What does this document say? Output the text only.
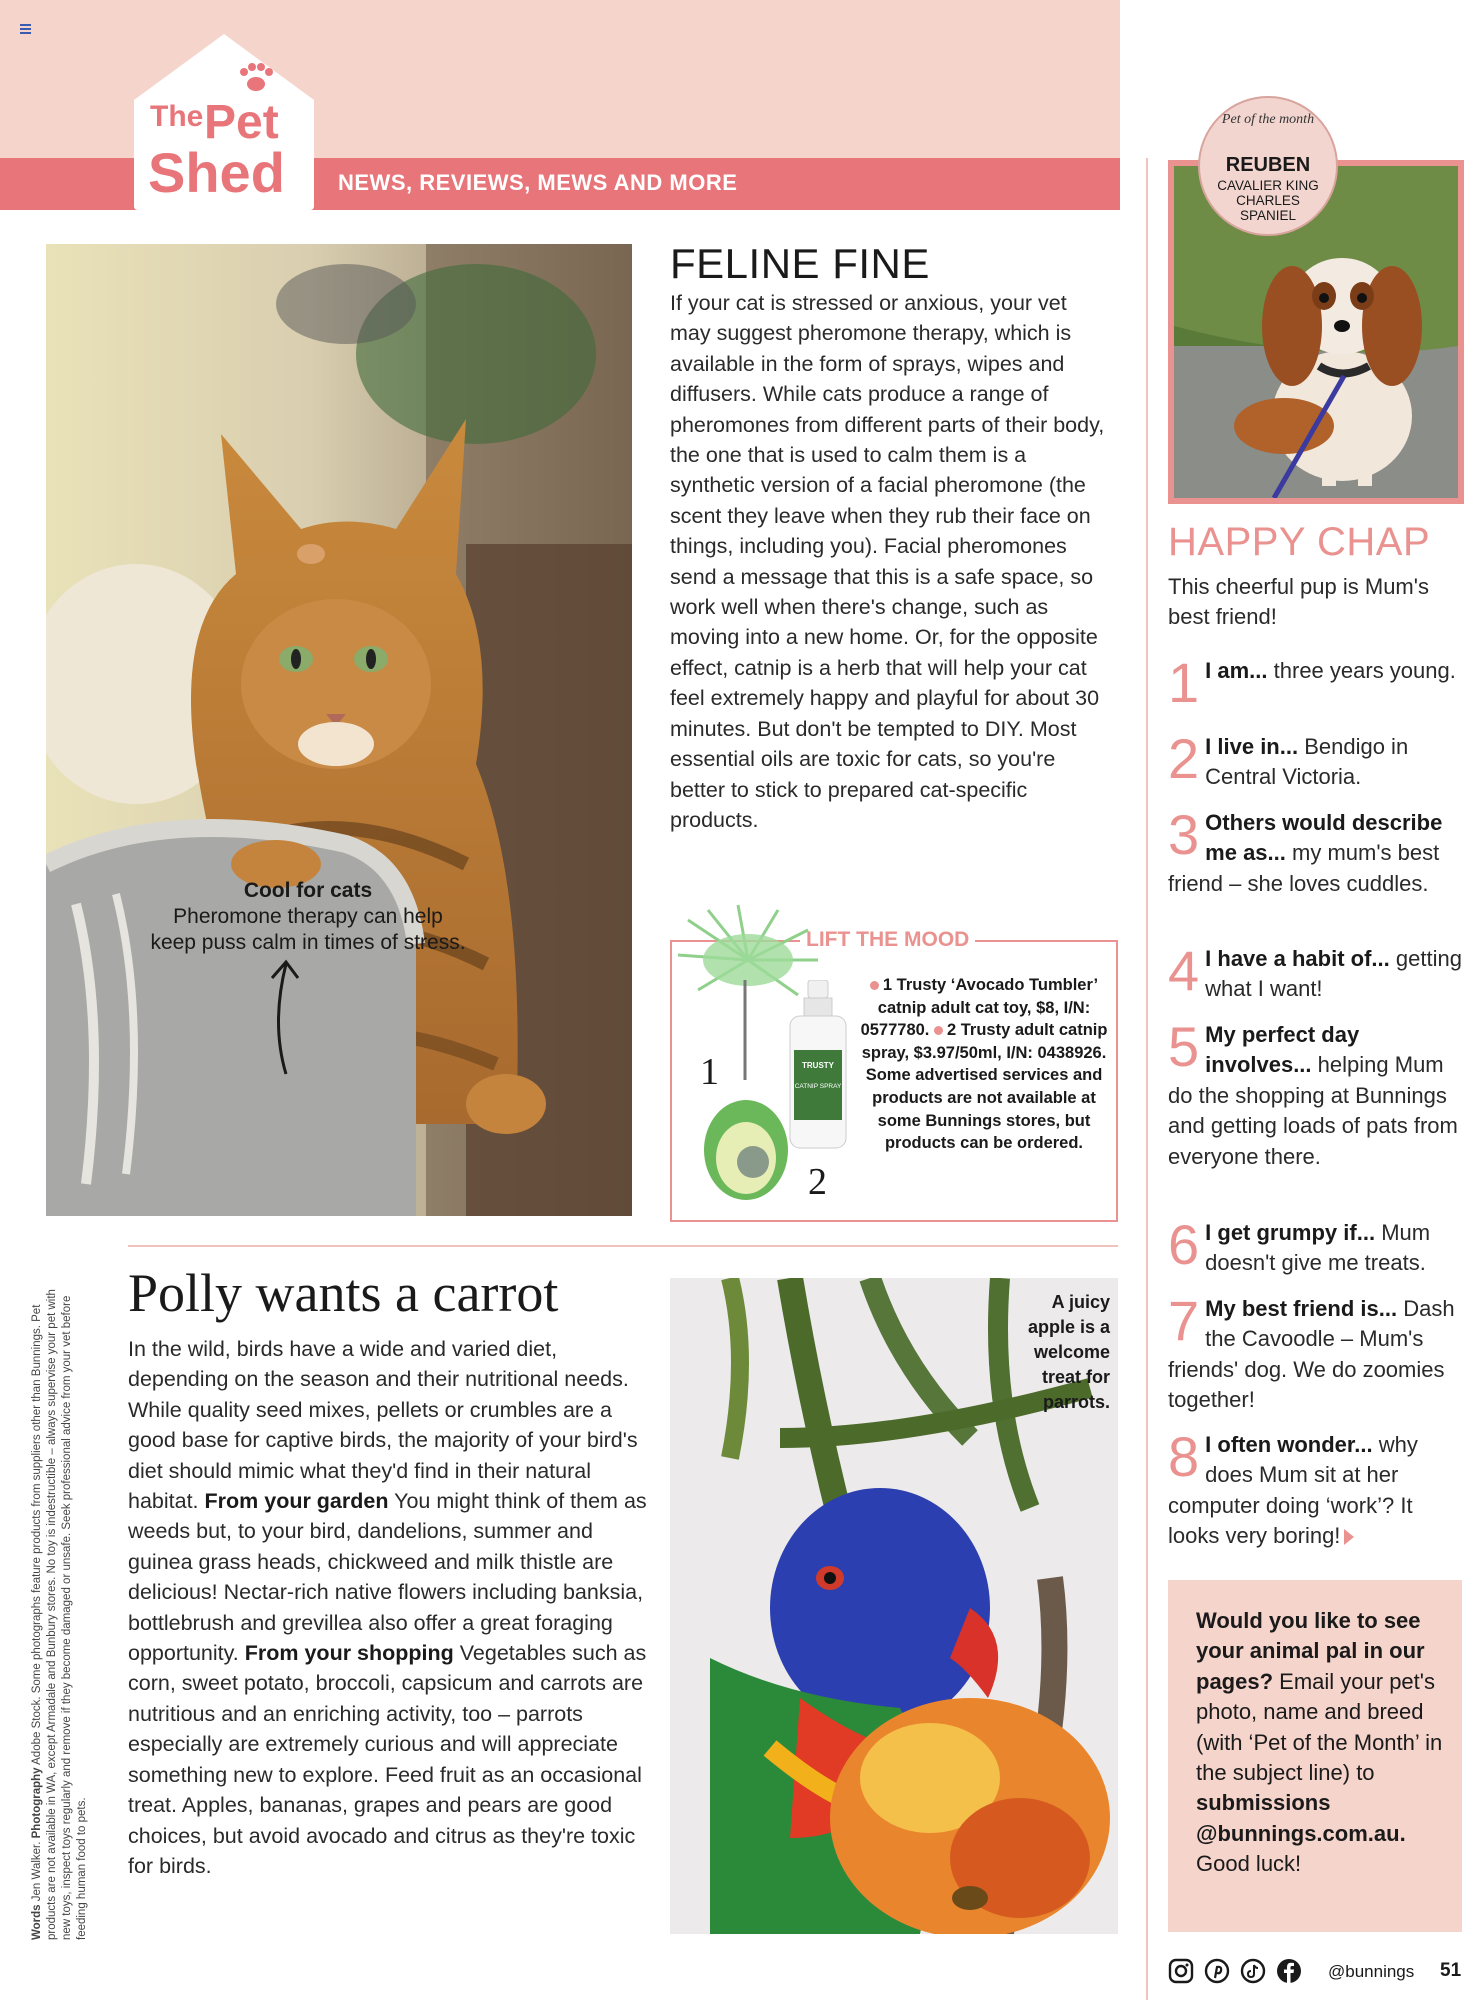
NEWS, REVIEWS, MEWS AND MORE
The Pet
Shed
Cool for cats
Pheromone therapy can help keep puss calm in times of stress.
FELINE FINE
If your cat is stressed or anxious, your vet may suggest pheromone therapy, which is available in the form of sprays, wipes and diffusers. While cats produce a range of pheromones from different parts of their body, the one that is used to calm them is a synthetic version of a facial pheromone (the scent they leave when they rub their face on things, including you). Facial pheromones send a message that this is a safe space, so work well when there's change, such as moving into a new home. Or, for the opposite effect, catnip is a herb that will help your cat feel extremely happy and playful for about 30 minutes. But don't be tempted to DIY. Most essential oils are toxic for cats, so you're better to stick to prepared cat-specific products.
LIFT THE MOOD
1	TRUSTY
CATNIP SPRAY
2
1 Trusty ‘Avocado Tumbler’ catnip adult cat toy, $8, I/N: 0577780. 2 Trusty adult catnip spray, $3.97/50ml, I/N: 0438926. Some advertised services and products are not available at some Bunnings stores, but products can be ordered.
Polly wants a carrot
In the wild, birds have a wide and varied diet, depending on the season and their nutritional needs. While quality seed mixes, pellets or crumbles are a good base for captive birds, the majority of your bird's diet should mimic what they'd find in their natural habitat. From your garden You might think of them as weeds but, to your bird, dandelions, summer and guinea grass heads, chickweed and milk thistle are delicious! Nectar-rich native flowers including banksia, bottlebrush and grevillea also offer a great foraging opportunity. From your shopping Vegetables such as corn, sweet potato, broccoli, capsicum and carrots are nutritious and an enriching activity, too – parrots especially are extremely curious and will appreciate something new to explore. Feed fruit as an occasional treat. Apples, bananas, grapes and pears are good choices, but avoid avocado and citrus as they're toxic for birds.
A juicy apple is a welcome treat for parrots.
Words Jen Walker. Photography Adobe Stock. Some photographs feature products from suppliers other than Bunnings. Pet products are not available in WA, except Armadale and Bunbury stores. No toy is indestructible – always supervise your pet with new toys, inspect toys regularly and remove if they become damaged or unsafe. Seek professional advice from your vet before feeding human food to pets.
Pet of the month
REUBEN
CAVALIER KING CHARLES SPANIEL
HAPPY CHAP
This cheerful pup is Mum's best friend!
1 I am... three years young.
2 I live in... Bendigo in Central Victoria.
3 Others would describe me as... my mum's best friend – she loves cuddles.
4 I have a habit of... getting what I want!
5 My perfect day involves... helping Mum do the shopping at Bunnings and getting loads of pats from everyone there.
6 I get grumpy if... Mum doesn't give me treats.
7 My best friend is... Dash the Cavoodle – Mum's friends' dog. We do zoomies together!
8 I often wonder... why does Mum sit at her computer doing ‘work’? It looks very boring!
Would you like to see your animal pal in our pages? Email your pet's photo, name and breed (with ‘Pet of the Month’ in the subject line) to submissions @bunnings.com.au. Good luck!
@bunnings 51
